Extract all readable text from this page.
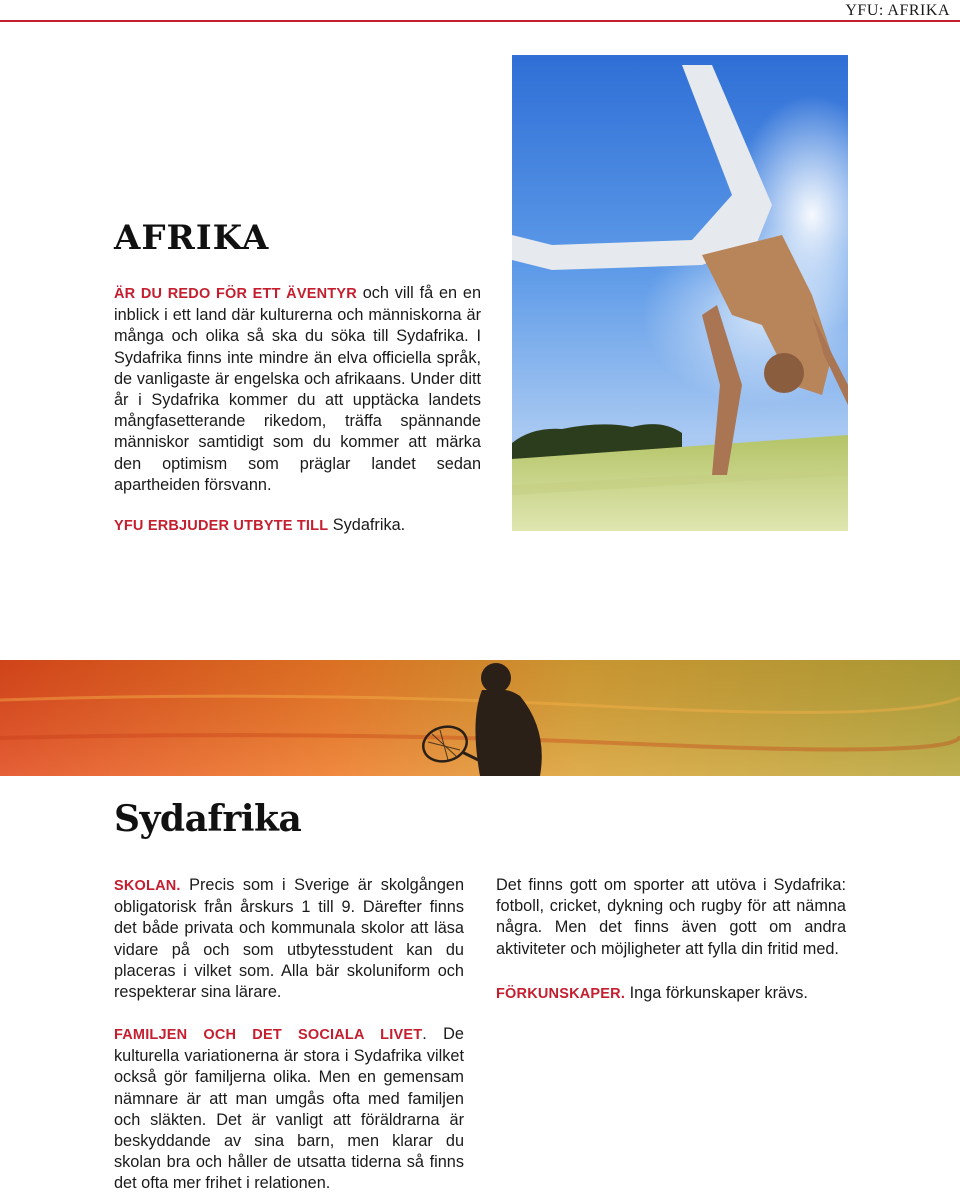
YFU: AFRIKA
AFRIKA

ÄR DU REDO FÖR ETT ÄVENTYR och vill få en en inblick i ett land där kulturerna och människorna är många och olika så ska du söka till Sydafrika. I Sydafrika finns inte mindre än elva officiella språk, de vanligaste är engelska och afrikaans. Under ditt år i Sydafrika kommer du att upptäcka landets mångfasetterande rikedom, träffa spännande människor samtidigt som du kommer att märka den optimism som präglar landet sedan apartheiden försvann.

YFU ERBJUDER UTBYTE TILL Sydafrika.

Sydafrika

SKOLAN. Precis som i Sverige är skolgången obligatorisk från årskurs 1 till 9. Därefter finns det både privata och kommunala skolor att läsa vidare på och som utbytesstudent kan du placeras i vilket som. Alla bär skoluniform och respekterar sina lärare.

FAMILJEN OCH DET SOCIALA LIVET. De kulturella variationerna är stora i Sydafrika vilket också gör familjerna olika. Men en gemensam nämnare är att man umgås ofta med familjen och släkten. Det är vanligt att föräldrarna är beskyddande av sina barn, men klarar du skolan bra och håller de utsatta tiderna så finns det ofta mer frihet i relationen.

Det finns gott om sporter att utöva i Sydafrika: fotboll, cricket, dykning och rugby för att nämna några. Men det finns även gott om andra aktiviteter och möjligheter att fylla din fritid med.

FÖRKUNSKAPER. Inga förkunskaper krävs.
